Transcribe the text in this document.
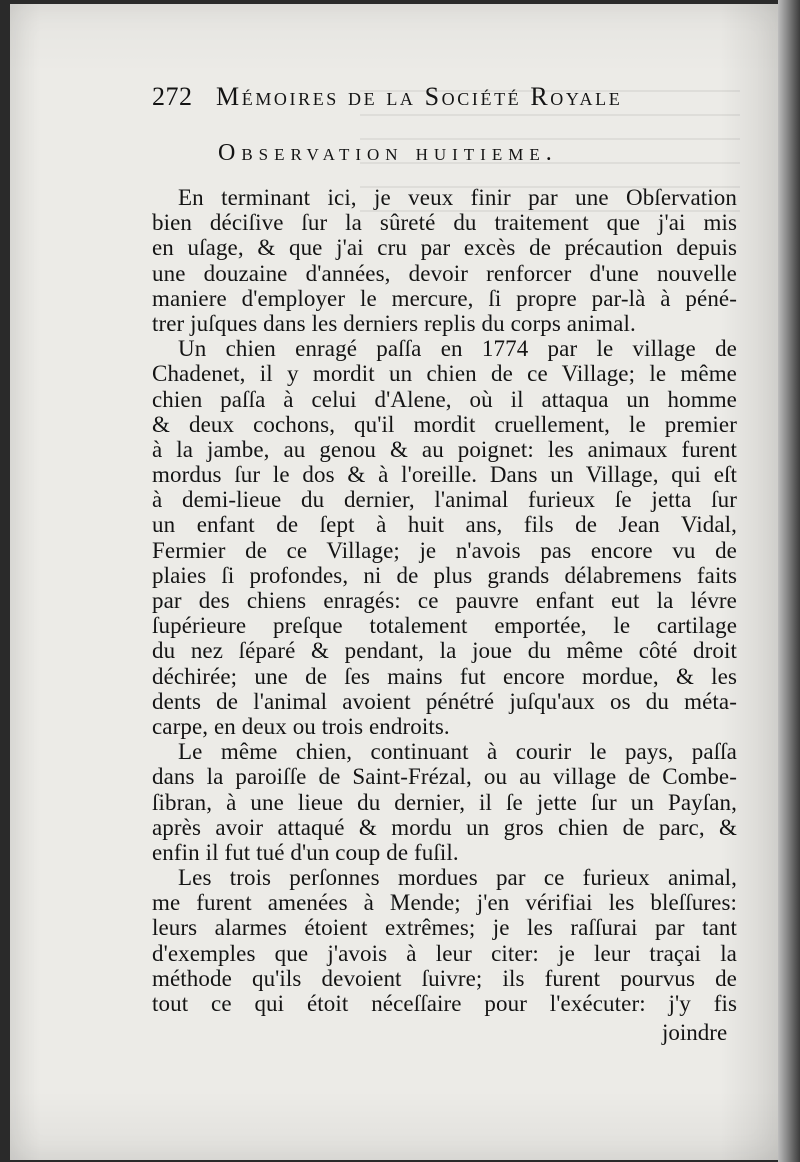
272 Mémoires de la Société Royale
Observation huitieme.
En terminant ici, je veux finir par une Obſervation
bien déciſive ſur la sûreté du traitement que j'ai mis
en uſage, & que j'ai cru par excès de précaution depuis
une douzaine d'années, devoir renforcer d'une nouvelle
maniere d'employer le mercure, ſi propre par-là à péné-
trer juſques dans les derniers replis du corps animal.
Un chien enragé paſſa en 1774 par le village de
Chadenet, il y mordit un chien de ce Village; le même
chien paſſa à celui d'Alene, où il attaqua un homme
& deux cochons, qu'il mordit cruellement, le premier
à la jambe, au genou & au poignet: les animaux furent
mordus ſur le dos & à l'oreille. Dans un Village, qui eſt
à demi-lieue du dernier, l'animal furieux ſe jetta ſur
un enfant de ſept à huit ans, fils de Jean Vidal,
Fermier de ce Village; je n'avois pas encore vu de
plaies ſi profondes, ni de plus grands délabremens faits
par des chiens enragés: ce pauvre enfant eut la lévre
ſupérieure preſque totalement emportée, le cartilage
du nez ſéparé & pendant, la joue du même côté droit
déchirée; une de ſes mains fut encore mordue, & les
dents de l'animal avoient pénétré juſqu'aux os du méta-
carpe, en deux ou trois endroits.
Le même chien, continuant à courir le pays, paſſa
dans la paroiſſe de Saint-Frézal, ou au village de Combe-
ſibran, à une lieue du dernier, il ſe jette ſur un Payſan,
après avoir attaqué & mordu un gros chien de parc, &
enfin il fut tué d'un coup de fuſil.
Les trois perſonnes mordues par ce furieux animal,
me furent amenées à Mende; j'en vérifiai les bleſſures:
leurs alarmes étoient extrêmes; je les raſſurai par tant
d'exemples que j'avois à leur citer: je leur traçai la
méthode qu'ils devoient ſuivre; ils furent pourvus de
tout ce qui étoit néceſſaire pour l'exécuter: j'y fis
joindre
